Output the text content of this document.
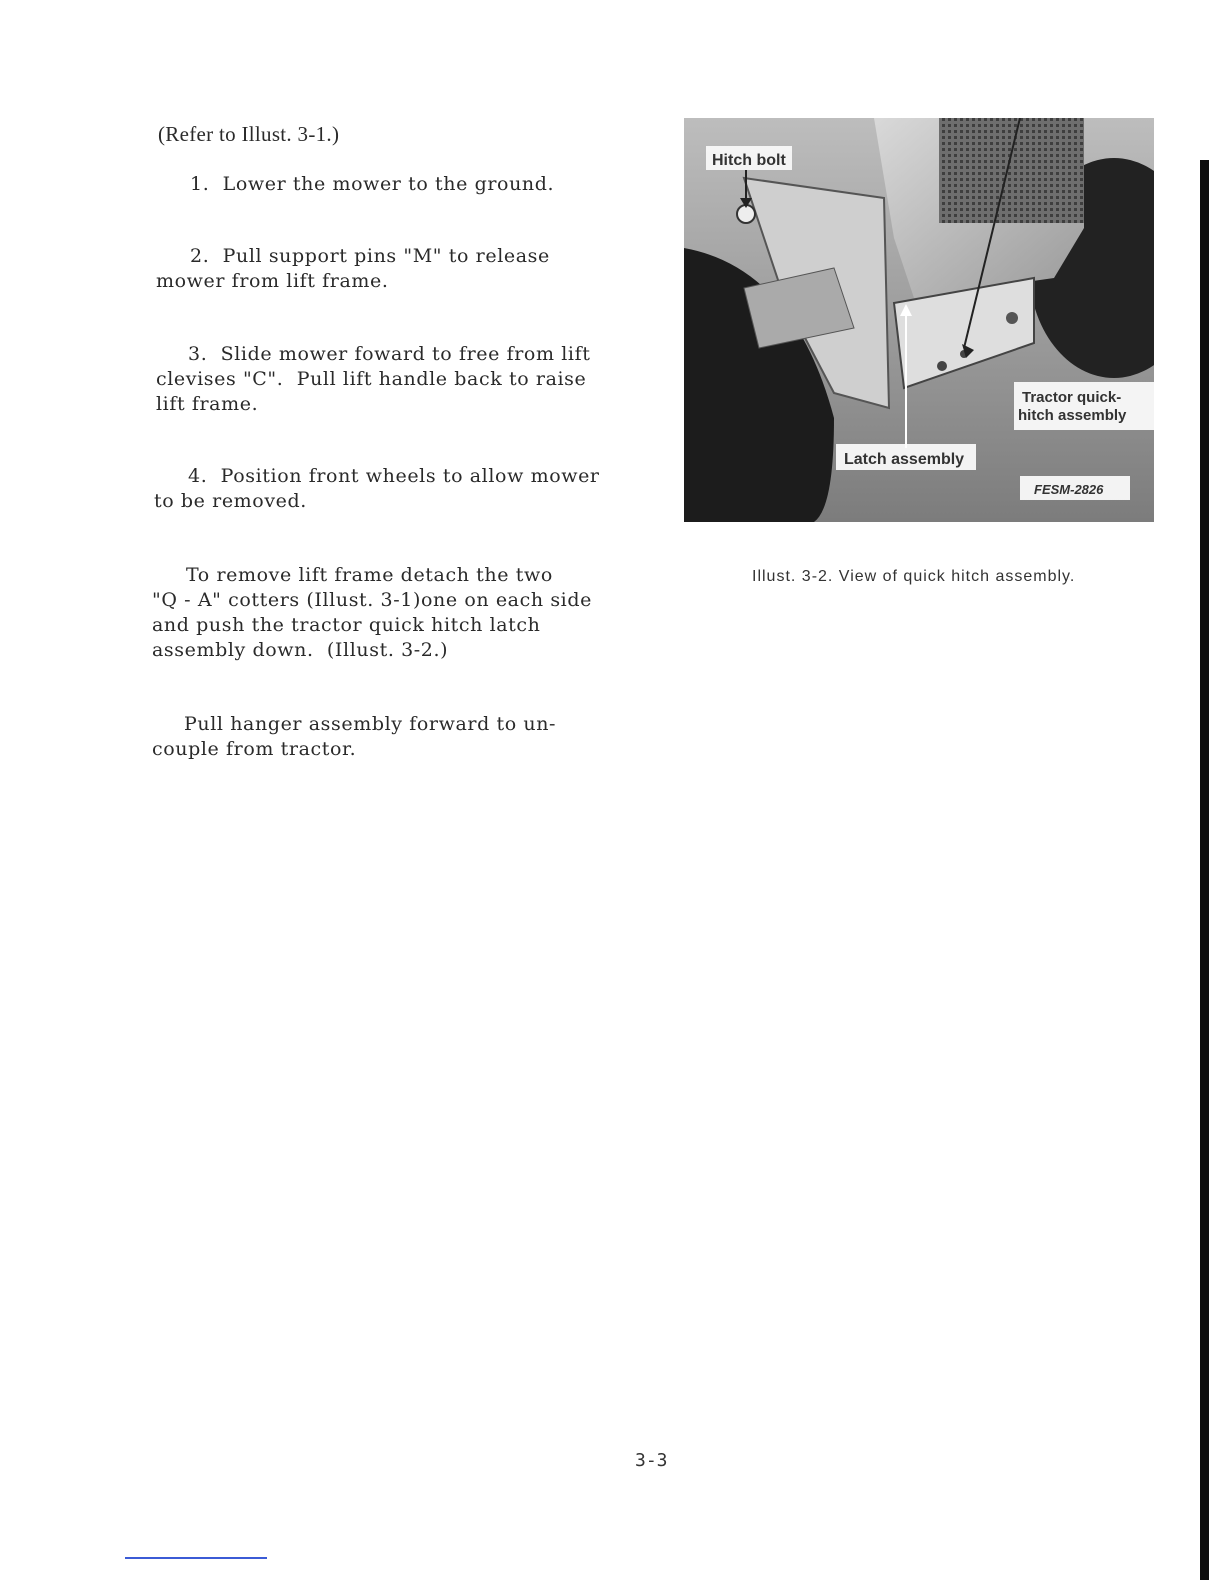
(Refer to Illust. 3-1.)
1.  Lower the mower to the ground.
2.  Pull support pins "M" to release
mower from lift frame.
3.  Slide mower foward to free from lift
clevises "C".  Pull lift handle back to raise
lift frame.
4.  Position front wheels to allow mower
to be removed.
To remove lift frame detach the two
"Q - A" cotters (Illust. 3-1)one on each side
and push the tractor quick hitch latch
assembly down.  (Illust. 3-2.)
Pull hanger assembly forward to un-
couple from tractor.
Hitch bolt
Latch assembly
Tractor quick-
hitch assembly
FESM-2826
Illust. 3-2. View of quick hitch assembly.
3-3
